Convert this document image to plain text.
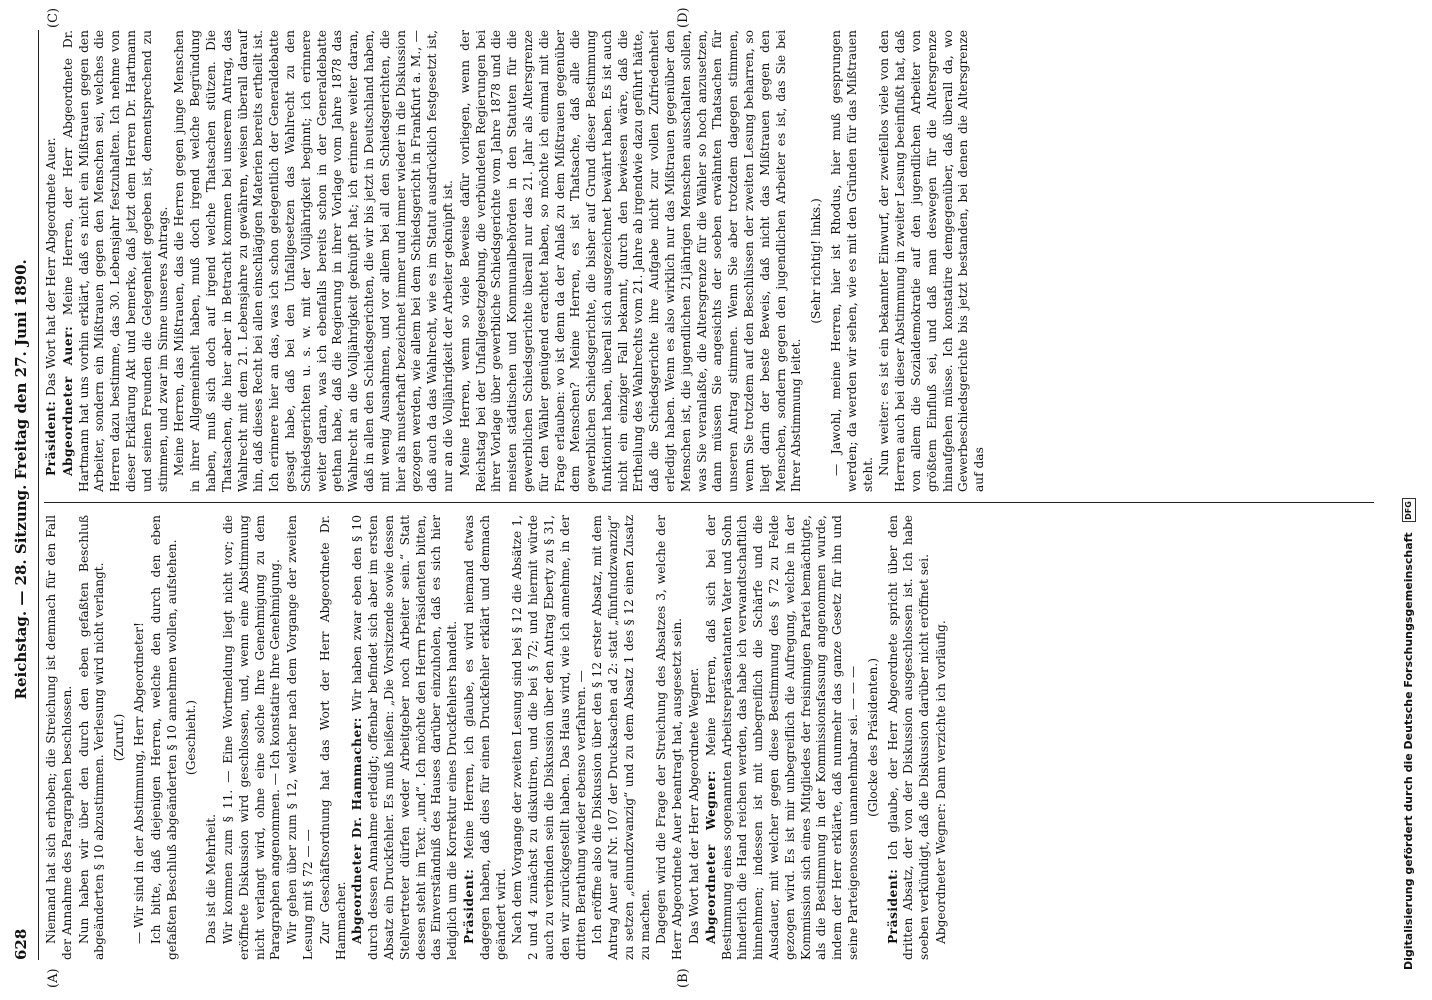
628
Reichstag. — 28. Sitzung. Freitag den 27. Juni 1890.
(A)	(B)
(C)	(D)

Niemand hat sich erhoben; die Streichung ist demnach für den Fall der Annahme des Paragraphen beschlossen. Nun haben wir über den durch den eben gefaßten Beschluß abgeänderten § 10 abzustimmen. Verlesung wird nicht verlangt. (Zuruf.) — Wir sind in der Abstimmung, Herr Abgeordneter! Ich bitte, daß diejenigen Herren, welche den durch den eben gefaßten Beschluß abgeänderten § 10 annehmen wollen, aufstehen. (Geschieht.)

Das ist die Mehrheit. Wir kommen zum § 11. — Eine Wortmeldung liegt nicht vor; die eröffnete Diskussion wird geschlossen, und, wenn eine Abstimmung nicht verlangt wird, ohne eine solche Ihre Genehmigung zu dem Paragraphen angenommen. — Ich konstatire Ihre Genehmigung. Wir gehen über zum § 12, welcher nach dem Vorgange der zweiten Lesung mit § 72 — — Zur Geschäftsordnung hat das Wort der Herr Abgeordnete Dr. Hammacher. Abgeordneter Dr. Hammacher: Wir haben zwar eben den § 10 durch dessen Annahme erledigt; offenbar befindet sich aber im ersten Absatz ein Druckfehler. Es muß heißen: „Die Vorsitzende sowie dessen Stellvertreter dürfen weder Arbeitgeber noch Arbeiter sein.“ Statt dessen steht im Text: „und“. Ich möchte den Herrn Präsidenten bitten, das Einverständniß des Hauses darüber einzuholen, daß es sich hier lediglich um die Korrektur eines Druckfehlers handelt. Präsident: Meine Herren, ich glaube, es wird niemand etwas dagegen haben, daß dies für einen Druckfehler erklärt und demnach geändert wird. Nach dem Vorgange der zweiten Lesung sind bei § 12 die Absätze 1, 2 und 4 zunächst zu diskutiren, und die bei § 72; und hiermit würde auch zu verbinden sein die Diskussion über den Antrag Eberty zu § 31, den wir zurückgestellt haben. Das Haus wird, wie ich annehme, in der dritten Berathung wieder ebenso verfahren. — Ich eröffne also die Diskussion über den § 12 erster Absatz, mit dem Antrag Auer auf Nr. 107 der Drucksachen ad 2: statt „fünfundzwanzig“ zu setzen „einundzwanzig“ und zu dem Absatz 1 des § 12 einen Zusatz zu machen. Dagegen wird die Frage der Streichung des Absatzes 3, welche der Herr Abgeordnete Auer beantragt hat, ausgesetzt sein. Das Wort hat der Herr Abgeordnete Wegner. Abgeordneter Wegner: Meine Herren, daß sich bei der Bestimmung eines sogenannten Arbeitsrepräsentanten Vater und Sohn hinderlich die Hand reichen werden, das habe ich verwandtschaftlich hinnehmen; indessen ist mit unbegreiflich die Schärfe und die Ausdauer, mit welcher gegen diese Bestimmung des § 72 zu Felde gezogen wird. Es ist mir unbegreiflich die Aufregung, welche in der Kommission sich eines Mitgliedes der freisinnigen Partei bemächtigte, als die Bestimmung in der Kommissionsfassung angenommen wurde, indem der Herr erklärte, daß nunmehr das ganze Gesetz für ihn und seine Parteigenossen unannehmbar sei. — — — (Glocke des Präsidenten.)

Präsident: Ich glaube, der Herr Abgeordnete spricht über den dritten Absatz, der von der Diskussion ausgeschlossen ist. Ich habe soeben verkündigt, daß die Diskussion darüber nicht eröffnet sei. Abgeordneter Wegner: Dann verzichte ich vorläufig.

Präsident: Das Wort hat der Herr Abgeordnete Auer. Abgeordneter Auer: Meine Herren, der Herr Abgeordnete Dr. Hartmann hat uns vorhin erklärt, daß es nicht ein Mißtrauen gegen den Arbeiter, sondern ein Mißtrauen gegen den Menschen sei, welches die Herren dazu bestimme, das 30. Lebensjahr festzuhalten. Ich nehme von dieser Erklärung Akt und bemerke, daß jetzt dem Herren Dr. Hartmann und seinen Freunden die Gelegenheit gegeben ist, dementsprechend zu stimmen, und zwar im Sinne unseres Antrags. Meine Herren, das Mißtrauen, das die Herren gegen junge Menschen in ihrer Allgemeinheit haben, muß doch irgend welche Begründung haben, muß sich doch auf irgend welche Thatsachen stützen. Die Thatsachen, die hier aber in Betracht kommen bei unserem Antrag, das Wahlrecht mit dem 21. Lebensjahre zu gewähren, weisen überall darauf hin, daß dieses Recht bei allen einschlägigen Materien bereits ertheilt ist. Ich erinnere hier an das, was ich schon gelegentlich der Generaldebatte gesagt habe, daß bei den Unfallgesetzen das Wahlrecht zu den Schiedsgerichten u. s. w. mit der Volljährigkeit beginnt; ich erinnere weiter daran, was ich ebenfalls bereits schon in der Generaldebatte gethan habe, daß die Regierung in ihrer Vorlage vom Jahre 1878 das Wahlrecht an die Volljährigkeit geknüpft hat; ich erinnere weiter daran, daß in allen den Schiedsgerichten, die wir bis jetzt in Deutschland haben, mit wenig Ausnahmen, und vor allem bei all den Schiedsgerichten, die hier als musterhaft bezeichnet immer und immer wieder in die Diskussion gezogen werden, wie allem bei dem Schiedsgericht in Frankfurt a. M., — daß auch da das Wahlrecht, wie es im Statut ausdrücklich festgesetzt ist, nur an die Volljährigkeit der Arbeiter geknüpft ist. Meine Herren, wenn so viele Beweise dafür vorliegen, wenn der Reichstag bei der Unfallgesetzgebung, die verbündeten Regierungen bei ihrer Vorlage über gewerbliche Schiedsgerichte vom Jahre 1878 und die meisten städtischen und Kommunalbehörden in den Statuten für die gewerblichen Schiedsgerichte überall nur das 21. Jahr als Altersgrenze für den Wähler genügend erachtet haben, so möchte ich einmal mit die Frage erlauben: wo ist denn da der Anlaß zu dem Mißtrauen gegenüber dem Menschen? Meine Herren, es ist Thatsache, daß alle die gewerblichen Schiedsgerichte, die bisher auf Grund dieser Bestimmung funktionirt haben, überall sich ausgezeichnet bewährt haben. Es ist auch nicht ein einziger Fall bekannt, durch den bewiesen wäre, daß die Ertheilung des Wahlrechts vom 21. Jahre ab irgendwie dazu geführt hätte, daß die Schiedsgerichte ihre Aufgabe nicht zur vollen Zufriedenheit erledigt haben. Wenn es also wirklich nur das Mißtrauen gegenüber den Menschen ist, die jugendlichen 21jährigen Menschen ausschalten sollen, was Sie veranlaßte, die Altersgrenze für die Wähler so hoch anzusetzen, dann müssen Sie angesichts der soeben erwähnten Thatsachen für unseren Antrag stimmen. Wenn Sie aber trotzdem dagegen stimmen, wenn Sie trotzdem auf den Beschlüssen der zweiten Lesung beharren, so liegt darin der beste Beweis, daß nicht das Mißtrauen gegen den Menschen, sondern gegen den jugendlichen Arbeiter es ist, das Sie bei Ihrer Abstimmung leitet.

(Sehr richtig! links.) — Jawohl, meine Herren, hier ist Rhodus, hier muß gesprungen werden; da werden wir sehen, wie es mit den Gründen für das Mißtrauen steht. Nun weiter: es ist ein bekannter Einwurf, der zweifellos viele von den Herren auch bei dieser Abstimmung in zweiter Lesung beeinflußt hat, daß von allem die Sozialdemokratie auf den jugendlichen Arbeiter von größtem Einfluß sei, und daß man deswegen für die Altersgrenze hinaufgehen müsse. Ich konstatire demgegenüber, daß überall da, wo Gewerbeschiedsgerichte bis jetzt bestanden, bei denen die Altersgrenze auf das

Digitalisierung gefördert durch die Deutsche Forschungsgemeinschaft DFG
